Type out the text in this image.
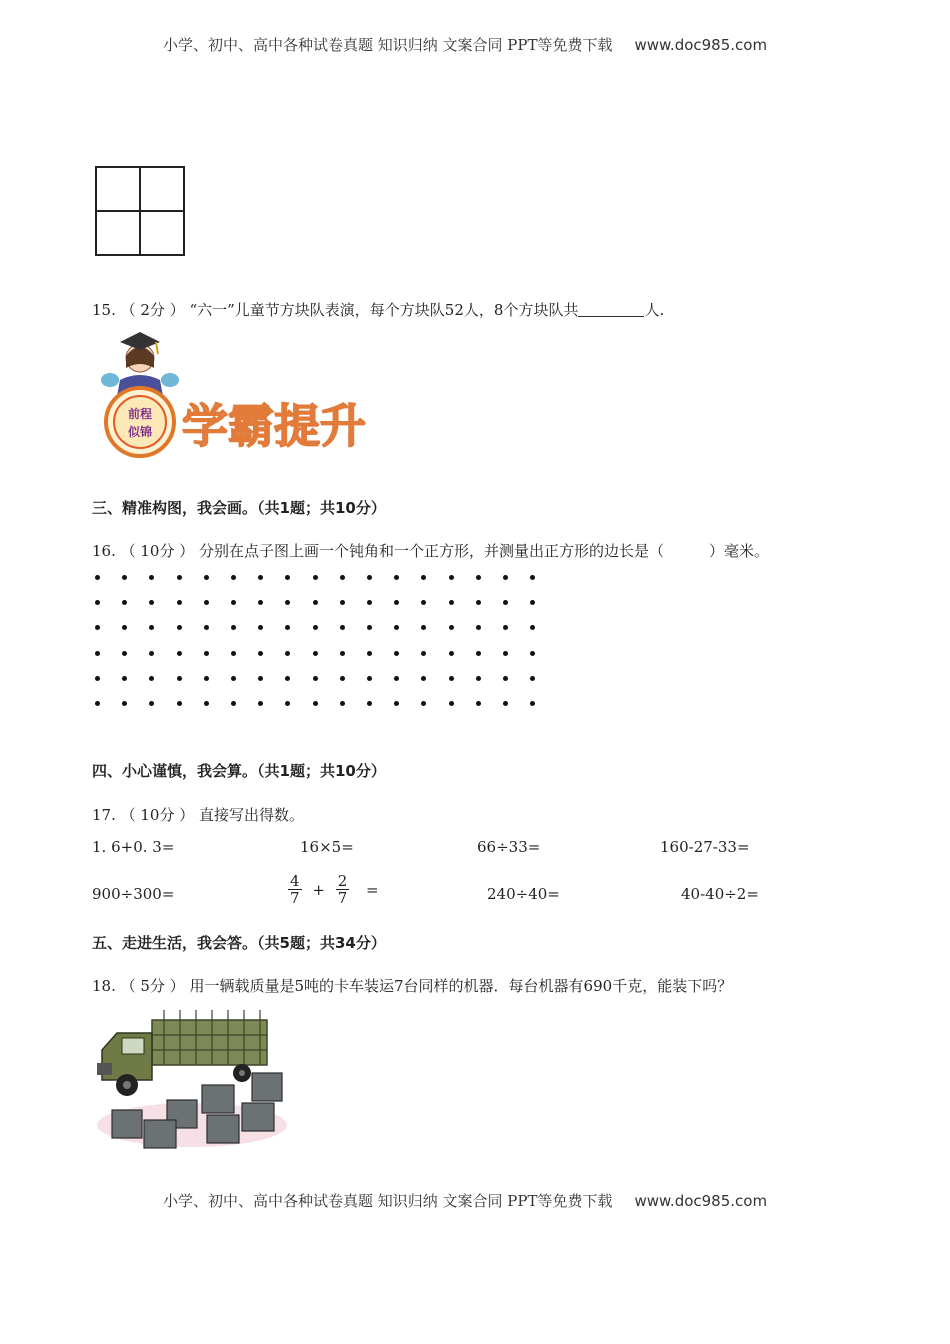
小学、初中、高中各种试卷真题 知识归纳 文案合同 PPT等免费下载 www.doc985.com
15. （ 2分 ） “六一”儿童节方块队表演，每个方块队52人，8个方块队共	人.
前程
似锦 学霸提升
三、精准构图，我会画。（共1题；共10分）
16. （ 10分 ） 分别在点子图上画一个钝角和一个正方形，并测量出正方形的边长是（　　　）毫米。
四、小心谨慎，我会算。（共1题；共10分）
17. （ 10分 ） 直接写出得数。
1. 6+0. 3=	16×5=	66÷33=	160-27-33=
900÷300=	$\frac{4}{7} + \frac{2}{7}$ =	240÷40=	40-40÷2=
五、走进生活，我会答。（共5题；共34分）
18. （ 5分 ） 用一辆载质量是5吨的卡车装运7台同样的机器．每台机器有690千克，能装下吗？
小学、初中、高中各种试卷真题 知识归纳 文案合同 PPT等免费下载 www.doc985.com
